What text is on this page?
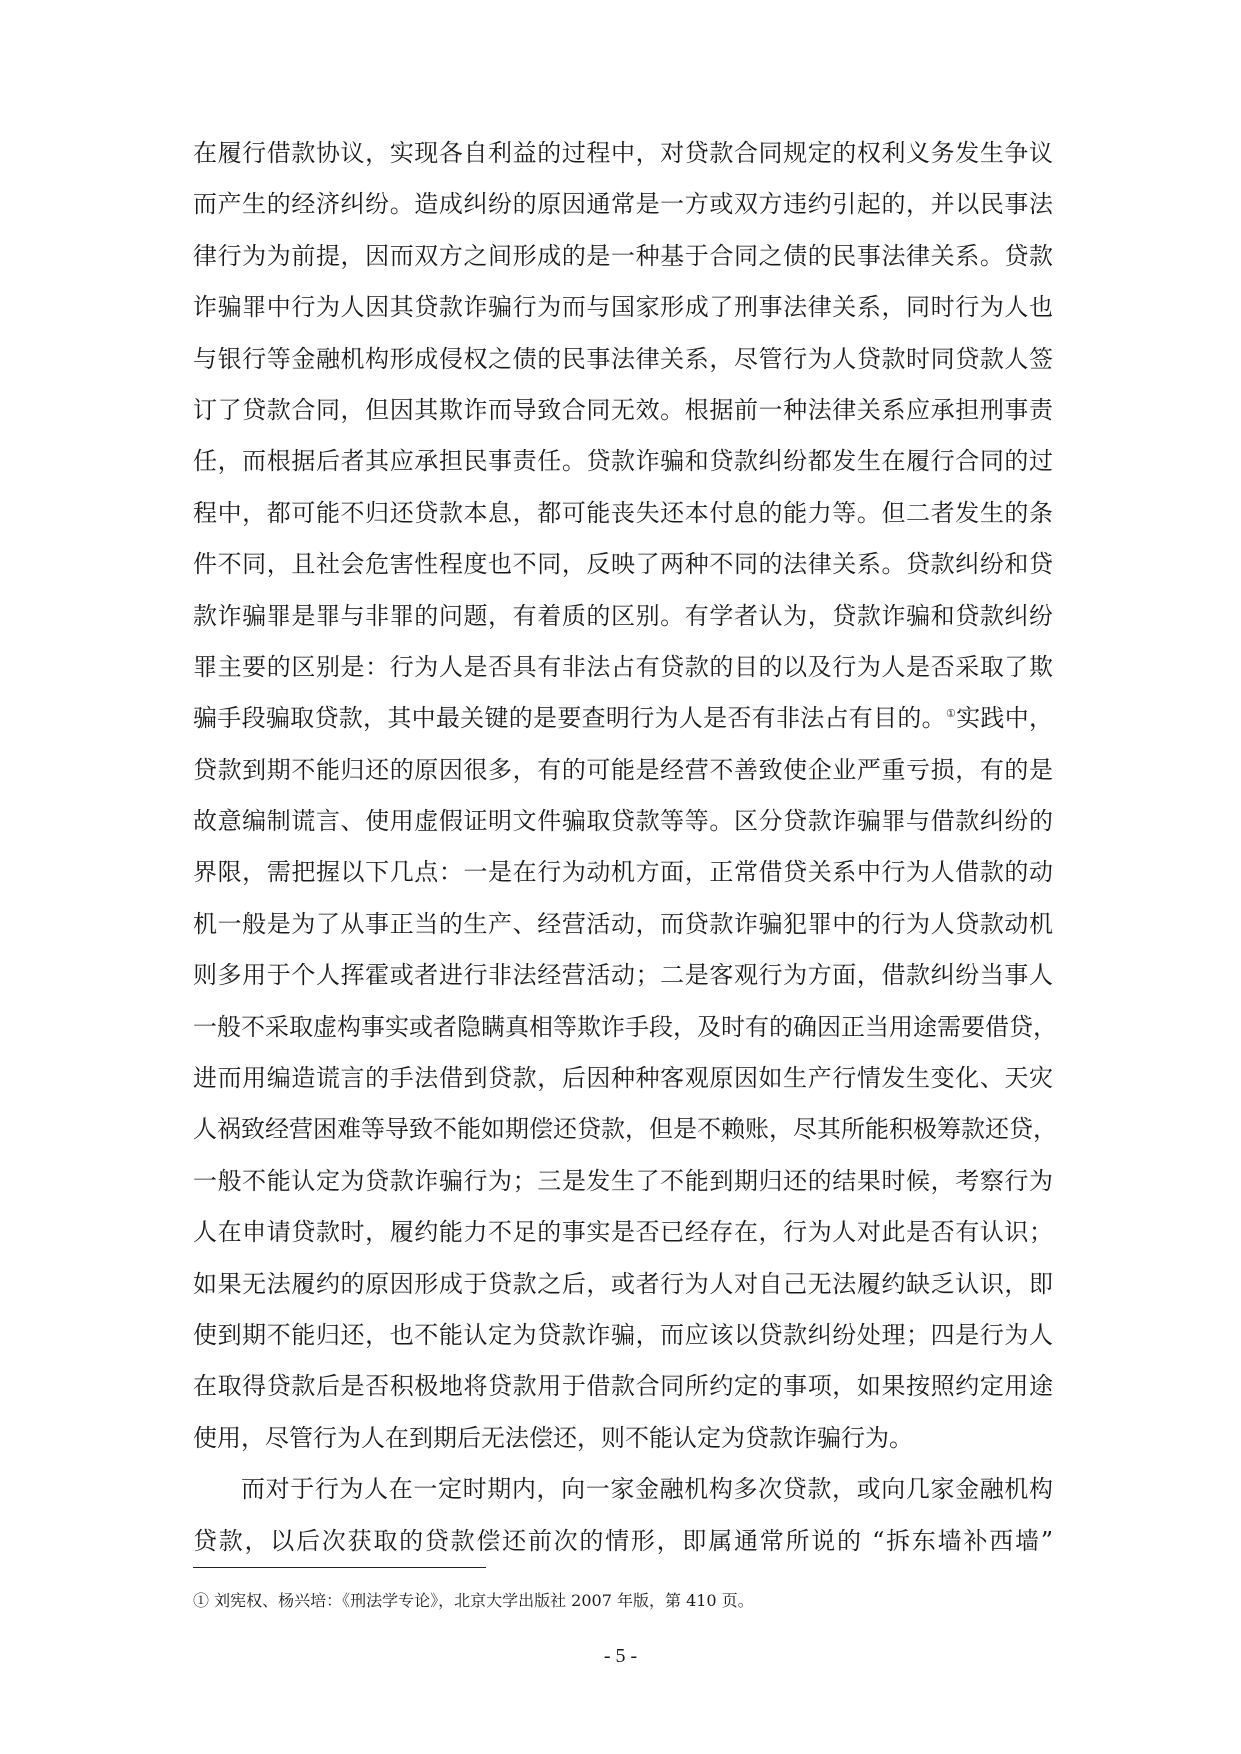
在履行借款协议，实现各自利益的过程中，对贷款合同规定的权利义务发生争议
而产生的经济纠纷。造成纠纷的原因通常是一方或双方违约引起的，并以民事法
律行为为前提，因而双方之间形成的是一种基于合同之债的民事法律关系。贷款
诈骗罪中行为人因其贷款诈骗行为而与国家形成了刑事法律关系，同时行为人也
与银行等金融机构形成侵权之债的民事法律关系，尽管行为人贷款时同贷款人签
订了贷款合同，但因其欺诈而导致合同无效。根据前一种法律关系应承担刑事责
任，而根据后者其应承担民事责任。贷款诈骗和贷款纠纷都发生在履行合同的过
程中，都可能不归还贷款本息，都可能丧失还本付息的能力等。但二者发生的条
件不同，且社会危害性程度也不同，反映了两种不同的法律关系。贷款纠纷和贷
款诈骗罪是罪与非罪的问题，有着质的区别。有学者认为，贷款诈骗和贷款纠纷
罪主要的区别是：行为人是否具有非法占有贷款的目的以及行为人是否采取了欺
骗手段骗取贷款，其中最关键的是要查明行为人是否有非法占有目的。①实践中，
贷款到期不能归还的原因很多，有的可能是经营不善致使企业严重亏损，有的是
故意编制谎言、使用虚假证明文件骗取贷款等等。区分贷款诈骗罪与借款纠纷的
界限，需把握以下几点：一是在行为动机方面，正常借贷关系中行为人借款的动
机一般是为了从事正当的生产、经营活动，而贷款诈骗犯罪中的行为人贷款动机
则多用于个人挥霍或者进行非法经营活动；二是客观行为方面，借款纠纷当事人
一般不采取虚构事实或者隐瞒真相等欺诈手段，及时有的确因正当用途需要借贷，
进而用编造谎言的手法借到贷款，后因种种客观原因如生产行情发生变化、天灾
人祸致经营困难等导致不能如期偿还贷款，但是不赖账，尽其所能积极筹款还贷，
一般不能认定为贷款诈骗行为；三是发生了不能到期归还的结果时候，考察行为
人在申请贷款时，履约能力不足的事实是否已经存在，行为人对此是否有认识；
如果无法履约的原因形成于贷款之后，或者行为人对自己无法履约缺乏认识，即
使到期不能归还，也不能认定为贷款诈骗，而应该以贷款纠纷处理；四是行为人
在取得贷款后是否积极地将贷款用于借款合同所约定的事项，如果按照约定用途
使用，尽管行为人在到期后无法偿还，则不能认定为贷款诈骗行为。
而对于行为人在一定时期内，向一家金融机构多次贷款，或向几家金融机构
贷款，以后次获取的贷款偿还前次的情形，即属通常所说的 “拆东墙补西墙”
① 刘宪权、杨兴培：《刑法学专论》，北京大学出版社 2007 年版，第 410 页。
- 5 -
